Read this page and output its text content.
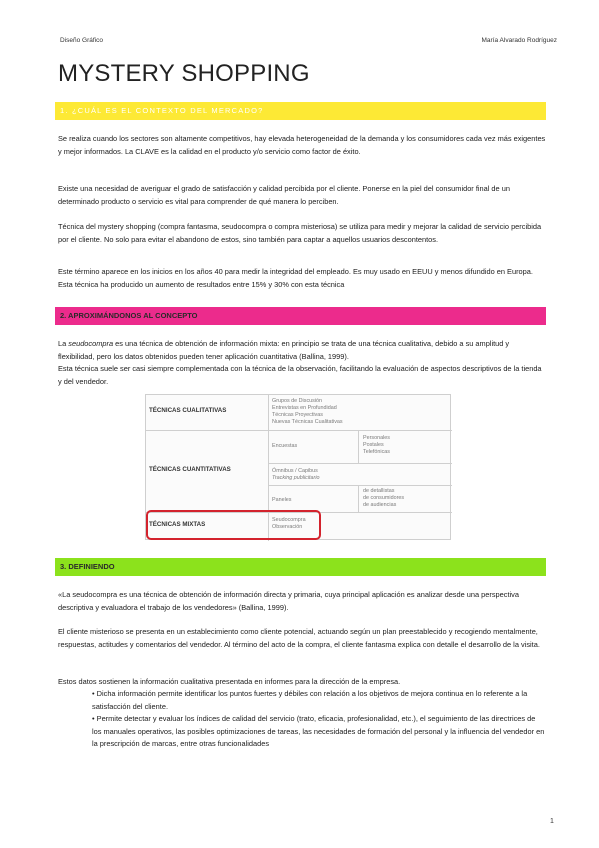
Diseño Gráfico	María Alvarado Rodríguez
MYSTERY SHOPPING
1. ¿CUÁL ES EL CONTEXTO DEL MERCADO?

Se realiza cuando los sectores son altamente competitivos, hay elevada heterogeneidad de la demanda y los consumidores cada vez más exigentes y mejor informados. La CLAVE es la calidad en el producto y/o servicio como factor de éxito.

Existe una necesidad de averiguar el grado de satisfacción y calidad percibida por el cliente. Ponerse en la piel del consumidor final de un determinado producto o servicio es vital para comprender de qué manera lo perciben.

Técnica del mystery shopping (compra fantasma, seudocompra o compra misteriosa) se utiliza para medir y mejorar la calidad de servicio percibida por el cliente. No solo para evitar el abandono de estos, sino también para captar a aquellos usuarios descontentos.

Este término aparece en los inicios en los años 40 para medir la integridad del empleado. Es muy usado en EEUU y menos difundido en Europa. Esta técnica ha producido un aumento de resultados entre 15% y 30% con esta técnica

2. APROXIMÁNDONOS AL CONCEPTO

La seudocompra es una técnica de obtención de información mixta: en principio se trata de una técnica cualitativa, debido a su amplitud y flexibilidad, pero los datos obtenidos pueden tener aplicación cuantitativa (Ballina, 1999).

Esta técnica suele ser casi siempre complementada con la técnica de la observación, facilitando la evaluación de aspectos descriptivos de la tienda y del vendedor.

TÉCNICAS CUALITATIVAS
Grupos de Discusión
Entrevistas en Profundidad
Técnicas Proyectivas
Nuevas Técnicas Cualitativas
TÉCNICAS CUANTITATIVAS
Encuestas
Personales
Postales
Telefónicas
Ómnibus / Capibus
Tracking publicitario
Paneles
de detallistas
de consumidores
de audiencias
TÉCNICAS MIXTAS
Seudocompra
Observación
3. DEFINIENDO

«La seudocompra es una técnica de obtención de información directa y primaria, cuya principal aplicación es analizar desde una perspectiva descriptiva y evaluadora el trabajo de los vendedores» (Ballina, 1999).

El cliente misterioso se presenta en un establecimiento como cliente potencial, actuando según un plan preestablecido y recogiendo mentalmente, respuestas, actitudes y comentarios del vendedor. Al término del acto de la compra, el cliente fantasma explica con detalle el desarrollo de la visita.

Estos datos sostienen la información cualitativa presentada en informes para la dirección de la empresa.

• Dicha información permite identificar los puntos fuertes y débiles con relación a los objetivos de mejora continua en lo referente a la satisfacción del cliente.

• Permite detectar y evaluar los índices de calidad del servicio (trato, eficacia, profesionalidad, etc.), el seguimiento de las directrices de los manuales operativos, las posibles optimizaciones de tareas, las necesidades de formación del personal y la influencia del vendedor en la prescripción de marcas, entre otras funcionalidades

1
